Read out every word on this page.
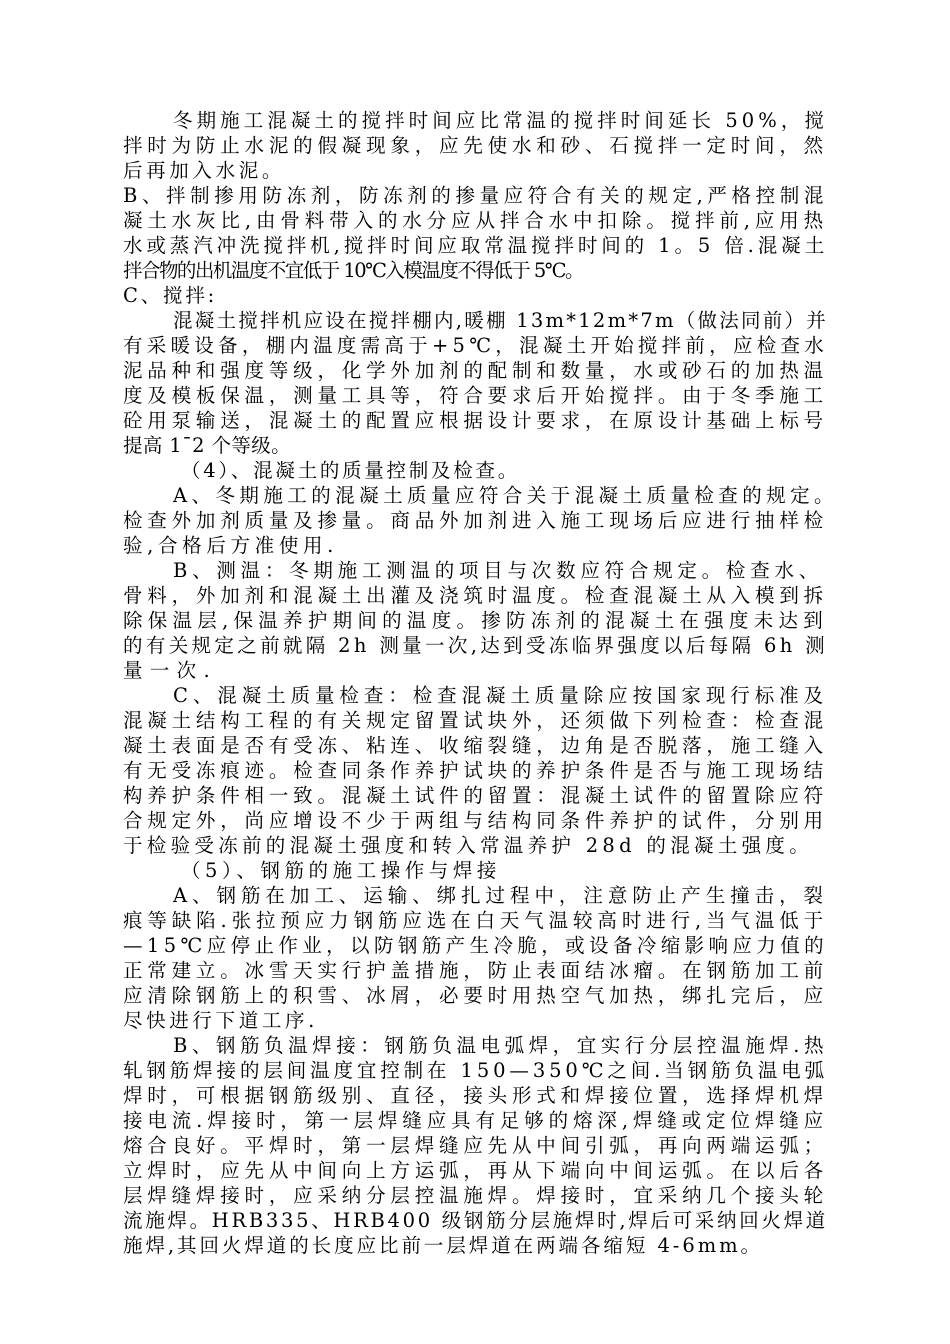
冬期施工混凝土的搅拌时间应比常温的搅拌时间延长 50%，搅
拌时为防止水泥的假凝现象，应先使水和砂、石搅拌一定时间，然
后再加入水泥。
B、拌制掺用防冻剂，防冻剂的掺量应符合有关的规定,严格控制混
凝土水灰比,由骨料带入的水分应从拌合水中扣除。搅拌前,应用热
水或蒸汽冲洗搅拌机,搅拌时间应取常温搅拌时间的 1。5 倍.混凝土
拌合物的出机温度不宜低于 10℃入模温度不得低于 5℃。
C、搅拌:
混凝土搅拌机应设在搅拌棚内,暖棚 13m*12m*7m（做法同前）并
有采暖设备，棚内温度需高于+5℃，混凝土开始搅拌前，应检查水
泥品种和强度等级，化学外加剂的配制和数量，水或砂石的加热温
度及模板保温，测量工具等，符合要求后开始搅拌。由于冬季施工
砼用泵输送，混凝土的配置应根据设计要求，在原设计基础上标号
提高 1¯2 个等级。
（4）、混凝土的质量控制及检查。
A、冬期施工的混凝土质量应符合关于混凝土质量检查的规定。
检查外加剂质量及掺量。商品外加剂进入施工现场后应进行抽样检
验,合格后方准使用.
B、测温：冬期施工测温的项目与次数应符合规定。检查水、
骨料，外加剂和混凝土出灌及浇筑时温度。检查混凝土从入模到拆
除保温层,保温养护期间的温度。掺防冻剂的混凝土在强度未达到
的有关规定之前就隔 2h 测量一次,达到受冻临界强度以后每隔 6h 测
量一次.
C、混凝土质量检查：检查混凝土质量除应按国家现行标准及
混凝土结构工程的有关规定留置试块外，还须做下列检查：检查混
凝土表面是否有受冻、粘连、收缩裂缝，边角是否脱落，施工缝入
有无受冻痕迹。检查同条作养护试块的养护条件是否与施工现场结
构养护条件相一致。混凝土试件的留置：混凝土试件的留置除应符
合规定外，尚应增设不少于两组与结构同条件养护的试件，分别用
于检验受冻前的混凝土强度和转入常温养护 28d 的混凝土强度。
（5）、钢筋的施工操作与焊接
A、钢筋在加工、运输、绑扎过程中，注意防止产生撞击，裂
痕等缺陷.张拉预应力钢筋应选在白天气温较高时进行,当气温低于
—15℃应停止作业，以防钢筋产生冷脆，或设备冷缩影响应力值的
正常建立。冰雪天实行护盖措施，防止表面结冰瘤。在钢筋加工前
应清除钢筋上的积雪、冰屑，必要时用热空气加热，绑扎完后，应
尽快进行下道工序.
B、钢筋负温焊接：钢筋负温电弧焊，宜实行分层控温施焊.热
轧钢筋焊接的层间温度宜控制在 150—350℃之间.当钢筋负温电弧
焊时，可根据钢筋级别、直径，接头形式和焊接位置，选择焊机焊
接电流.焊接时，第一层焊缝应具有足够的熔深,焊缝或定位焊缝应
熔合良好。平焊时，第一层焊缝应先从中间引弧，再向两端运弧；
立焊时，应先从中间向上方运弧，再从下端向中间运弧。在以后各
层焊缝焊接时，应采纳分层控温施焊。焊接时，宜采纳几个接头轮
流施焊。HRB335、HRB400 级钢筋分层施焊时,焊后可采纳回火焊道
施焊,其回火焊道的长度应比前一层焊道在两端各缩短 4-6mm。
